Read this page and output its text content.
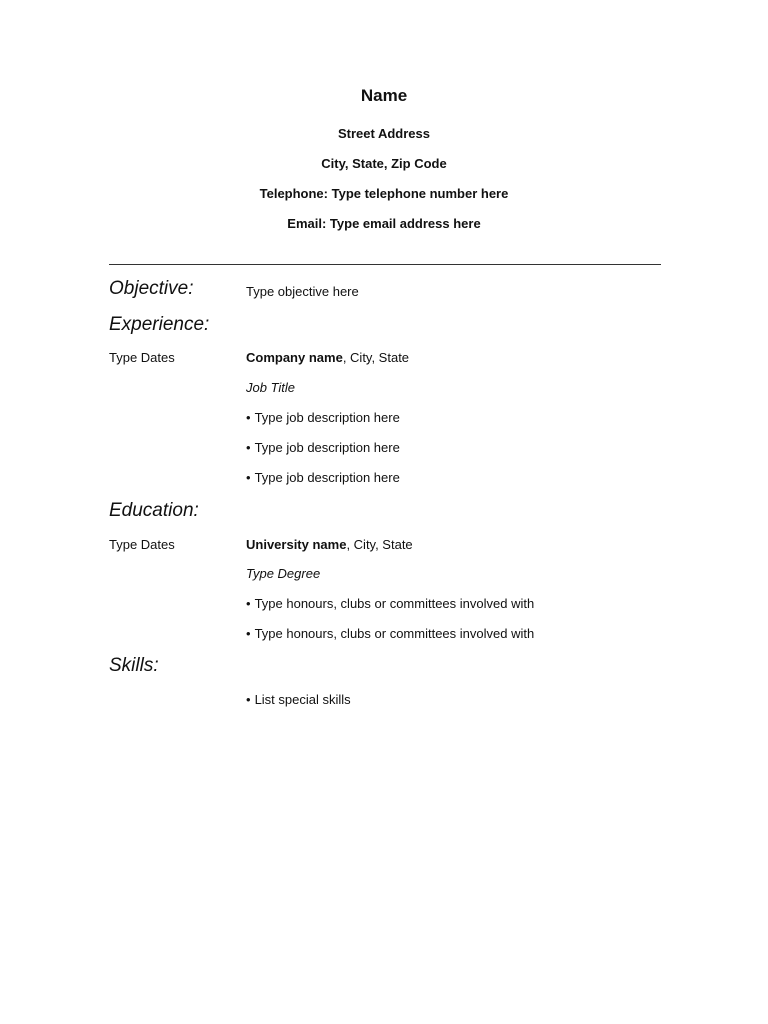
Name
Street Address
City, State, Zip Code
Telephone: Type telephone number here
Email: Type email address here
Objective:	Type objective here
Experience:
Type Dates	Company name, City, State
Job Title
• Type job description here
• Type job description here
• Type job description here
Education:
Type Dates	University name, City, State
Type Degree
• Type honours, clubs or committees involved with
• Type honours, clubs or committees involved with
Skills:
• List special skills
